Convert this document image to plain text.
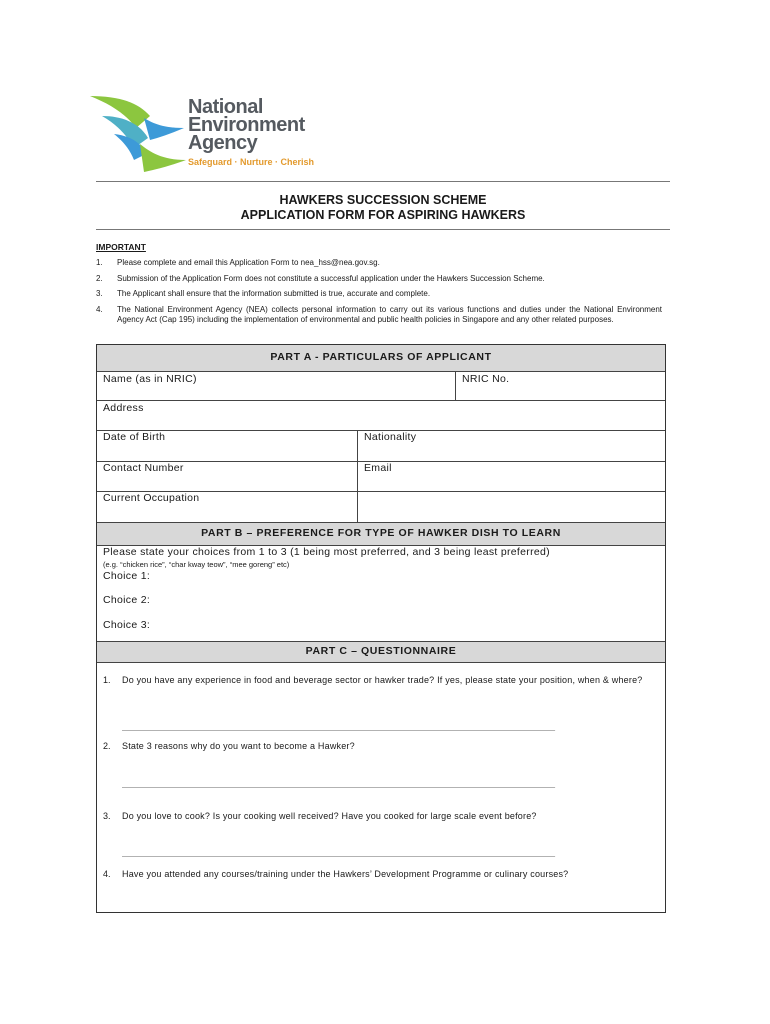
National
Environment
Agency
Safeguard · Nurture · Cherish
HAWKERS SUCCESSION SCHEME
APPLICATION FORM FOR ASPIRING HAWKERS
IMPORTANT
1. Please complete and email this Application Form to nea_hss@nea.gov.sg.
2. Submission of the Application Form does not constitute a successful application under the Hawkers Succession Scheme.
3. The Applicant shall ensure that the information submitted is true, accurate and complete.
4. The National Environment Agency (NEA) collects personal information to carry out its various functions and duties under the National Environment Agency Act (Cap 195) including the implementation of environmental and public health policies in Singapore and any other related purposes.
PART A - PARTICULARS OF APPLICANT
Name (as in NRIC)	NRIC No.
Address
Date of Birth	Nationality
Contact Number	Email
Current Occupation
PART B – PREFERENCE FOR TYPE OF HAWKER DISH TO LEARN
Please state your choices from 1 to 3 (1 being most preferred, and 3 being least preferred)
(e.g. “chicken rice”, “char kway teow”, “mee goreng” etc)
Choice 1:
Choice 2:
Choice 3:
PART C – QUESTIONNAIRE
1. Do you have any experience in food and beverage sector or hawker trade? If yes, please state your position, when & where?
________________________________________________________________________________________________
2. State 3 reasons why do you want to become a Hawker?
________________________________________________________________________________________________
3. Do you love to cook? Is your cooking well received? Have you cooked for large scale event before?
________________________________________________________________________________________________
4. Have you attended any courses/training under the Hawkers’ Development Programme or culinary courses?
